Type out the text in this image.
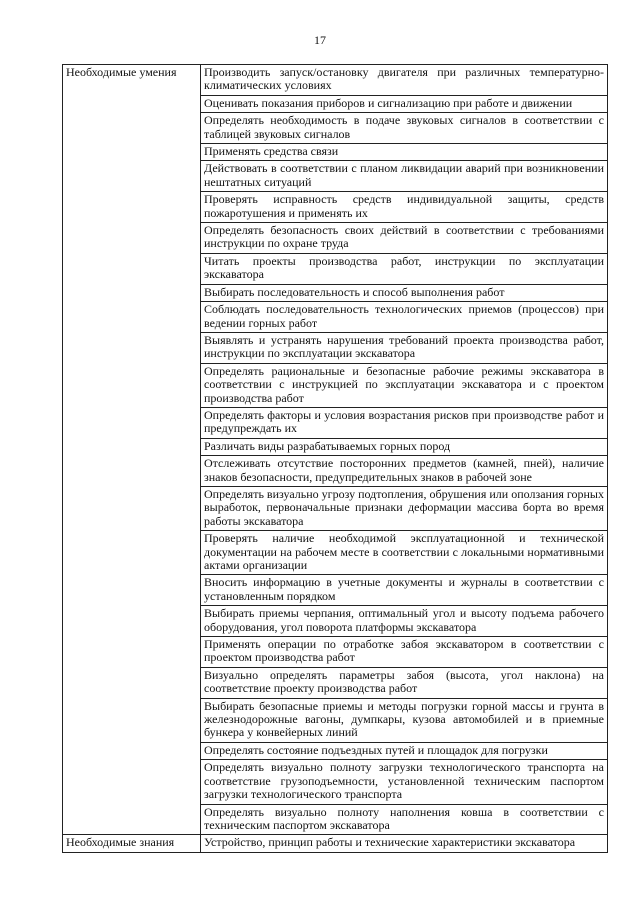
17
Необходимые умения	Производить запуск/остановку двигателя при различных температурно-климатических условиях
	Оценивать показания приборов и сигнализацию при работе и движении
	Определять необходимость в подаче звуковых сигналов в соответствии с таблицей звуковых сигналов
	Применять средства связи
	Действовать в соответствии с планом ликвидации аварий при возникновении нештатных ситуаций
	Проверять исправность средств индивидуальной защиты, средств пожаротушения и применять их
	Определять безопасность своих действий в соответствии с требованиями инструкции по охране труда
	Читать проекты производства работ, инструкции по эксплуатации экскаватора
	Выбирать последовательность и способ выполнения работ
	Соблюдать последовательность технологических приемов (процессов) при ведении горных работ
	Выявлять и устранять нарушения требований проекта производства работ, инструкции по эксплуатации экскаватора
	Определять рациональные и безопасные рабочие режимы экскаватора в соответствии с инструкцией по эксплуатации экскаватора и с проектом производства работ
	Определять факторы и условия возрастания рисков при производстве работ и предупреждать их
	Различать виды разрабатываемых горных пород
	Отслеживать отсутствие посторонних предметов (камней, пней), наличие знаков безопасности, предупредительных знаков в рабочей зоне
	Определять визуально угрозу подтопления, обрушения или оползания горных выработок, первоначальные признаки деформации массива борта во время работы экскаватора
	Проверять наличие необходимой эксплуатационной и технической документации на рабочем месте в соответствии с локальными нормативными актами организации
	Вносить информацию в учетные документы и журналы в соответствии с установленным порядком
	Выбирать приемы черпания, оптимальный угол и высоту подъема рабочего оборудования, угол поворота платформы экскаватора
	Применять операции по отработке забоя экскаватором в соответствии с проектом производства работ
	Визуально определять параметры забоя (высота, угол наклона) на соответствие проекту производства работ
	Выбирать безопасные приемы и методы погрузки горной массы и грунта в железнодорожные вагоны, думпкары, кузова автомобилей и в приемные бункера у конвейерных линий
	Определять состояние подъездных путей и площадок для погрузки
	Определять визуально полноту загрузки технологического транспорта на соответствие грузоподъемности, установленной техническим паспортом загрузки технологического транспорта
	Определять визуально полноту наполнения ковша в соответствии с техническим паспортом экскаватора
Необходимые знания	Устройство, принцип работы и технические характеристики экскаватора
